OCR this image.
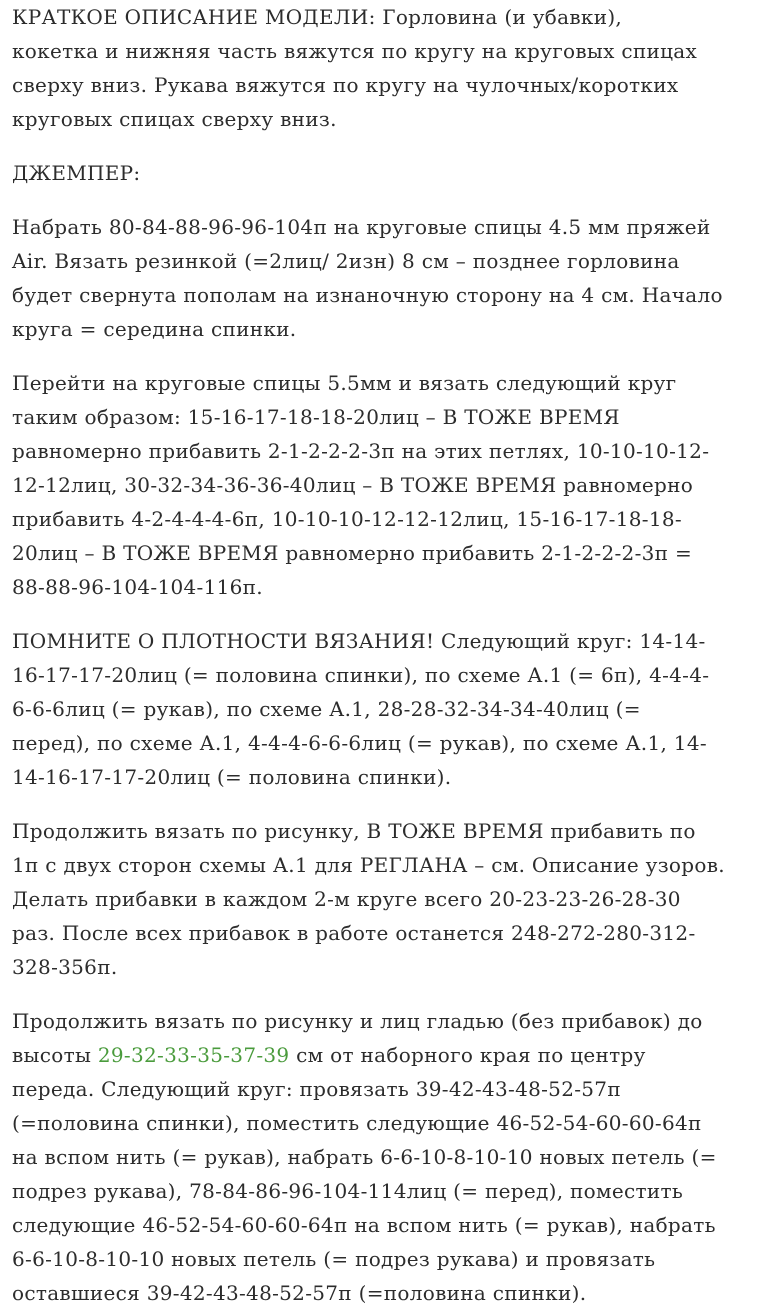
КРАТКОЕ ОПИСАНИЕ МОДЕЛИ: Горловина (и убавки),
кокетка и нижняя часть вяжутся по кругу на круговых спицах
сверху вниз. Рукава вяжутся по кругу на чулочных/коротких
круговых спицах сверху вниз.

ДЖЕМПЕР:

Набрать 80-84-88-96-96-104п на круговые спицы 4.5 мм пряжей
Air. Вязать резинкой (=2лиц/ 2изн) 8 см – позднее горловина
будет свернута пополам на изнаночную сторону на 4 см. Начало
круга = середина спинки.

Перейти на круговые спицы 5.5мм и вязать следующий круг
таким образом: 15-16-17-18-18-20лиц – В ТОЖЕ ВРЕМЯ
равномерно прибавить 2-1-2-2-2-3п на этих петлях, 10-10-10-12-
12-12лиц, 30-32-34-36-36-40лиц – В ТОЖЕ ВРЕМЯ равномерно
прибавить 4-2-4-4-4-6п, 10-10-10-12-12-12лиц, 15-16-17-18-18-
20лиц – В ТОЖЕ ВРЕМЯ равномерно прибавить 2-1-2-2-2-3п =
88-88-96-104-104-116п.

ПОМНИТЕ О ПЛОТНОСТИ ВЯЗАНИЯ! Следующий круг: 14-14-
16-17-17-20лиц (= половина спинки), по схеме А.1 (= 6п), 4-4-4-
6-6-6лиц (= рукав), по схеме А.1, 28-28-32-34-34-40лиц (=
перед), по схеме А.1, 4-4-4-6-6-6лиц (= рукав), по схеме А.1, 14-
14-16-17-17-20лиц (= половина спинки).

Продолжить вязать по рисунку, В ТОЖЕ ВРЕМЯ прибавить по
1п с двух сторон схемы А.1 для РЕГЛАНА – см. Описание узоров.
Делать прибавки в каждом 2-м круге всего 20-23-23-26-28-30
раз. После всех прибавок в работе останется 248-272-280-312-
328-356п.

Продолжить вязать по рисунку и лиц гладью (без прибавок) до
высоты 29-32-33-35-37-39 см от наборного края по центру
переда. Следующий круг: провязать 39-42-43-48-52-57п
(=половина спинки), поместить следующие 46-52-54-60-60-64п
на вспом нить (= рукав), набрать 6-6-10-8-10-10 новых петель (=
подрез рукава), 78-84-86-96-104-114лиц (= перед), поместить
следующие 46-52-54-60-60-64п на вспом нить (= рукав), набрать
6-6-10-8-10-10 новых петель (= подрез рукава) и провязать
оставшиеся 39-42-43-48-52-57п (=половина спинки).
